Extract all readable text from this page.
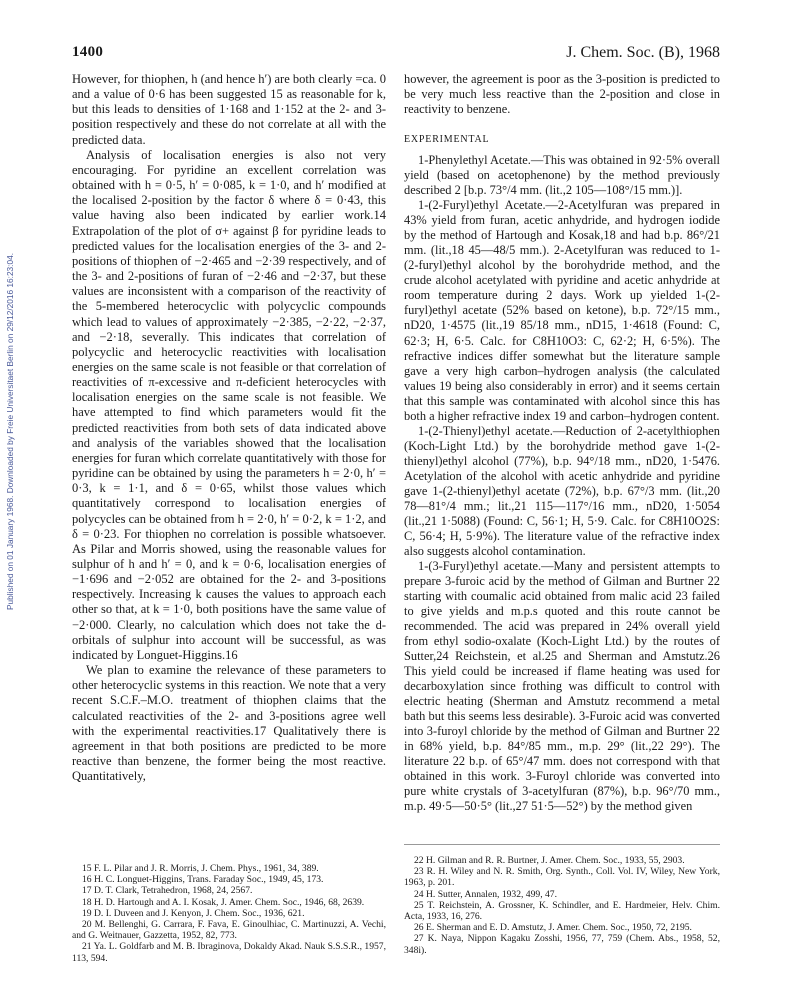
Published on 01 January 1968. Downloaded by Freie Universitaet Berlin on 29/12/2016 16:23:04.
1400	J. Chem. Soc. (B), 1968

However, for thiophen, h (and hence h′) are both clearly =ca. 0 and a value of 0·6 has been suggested 15 as reasonable for k, but this leads to densities of 1·168 and 1·152 at the 2- and 3-position respectively and these do not correlate at all with the predicted data.

Analysis of localisation energies is also not very encouraging. For pyridine an excellent correlation was obtained with h = 0·5, h′ = 0·085, k = 1·0, and h′ modified at the localised 2-position by the factor δ where δ = 0·43, this value having also been indicated by earlier work.14 Extrapolation of the plot of σ+ against β for pyridine leads to predicted values for the localisation energies of the 3- and 2-positions of thiophen of −2·465 and −2·39 respectively, and of the 3- and 2-positions of furan of −2·46 and −2·37, but these values are inconsistent with a comparison of the reactivity of the 5-membered heterocyclic with polycyclic compounds which lead to values of approximately −2·385, −2·22, −2·37, and −2·18, severally. This indicates that correlation of polycyclic and heterocyclic reactivities with localisation energies on the same scale is not feasible or that correlation of reactivities of π-excessive and π-deficient heterocycles with localisation energies on the same scale is not feasible. We have attempted to find which parameters would fit the predicted reactivities from both sets of data indicated above and analysis of the variables showed that the localisation energies for furan which correlate quantitatively with those for pyridine can be obtained by using the parameters h = 2·0, h′ = 0·3, k = 1·1, and δ = 0·65, whilst those values which quantitatively correspond to localisation energies of polycycles can be obtained from h = 2·0, h′ = 0·2, k = 1·2, and δ = 0·23. For thiophen no correlation is possible whatsoever. As Pilar and Morris showed, using the reasonable values for sulphur of h and h′ = 0, and k = 0·6, localisation energies of −1·696 and −2·052 are obtained for the 2- and 3-positions respectively. Increasing k causes the values to approach each other so that, at k = 1·0, both positions have the same value of −2·000. Clearly, no calculation which does not take the d-orbitals of sulphur into account will be successful, as was indicated by Longuet-Higgins.16

We plan to examine the relevance of these parameters to other heterocyclic systems in this reaction. We note that a very recent S.C.F.–M.O. treatment of thiophen claims that the calculated reactivities of the 2- and 3-positions agree well with the experimental reactivities.17 Qualitatively there is agreement in that both positions are predicted to be more reactive than benzene, the former being the most reactive. Quantitatively,

however, the agreement is poor as the 3-position is predicted to be very much less reactive than the 2-position and close in reactivity to benzene.

EXPERIMENTAL

1-Phenylethyl Acetate.—This was obtained in 92·5% overall yield (based on acetophenone) by the method previously described 2 [b.p. 73°/4 mm. (lit.,2 105—108°/15 mm.)].

1-(2-Furyl)ethyl Acetate.—2-Acetylfuran was prepared in 43% yield from furan, acetic anhydride, and hydrogen iodide by the method of Hartough and Kosak,18 and had b.p. 86°/21 mm. (lit.,18 45—48/5 mm.). 2-Acetylfuran was reduced to 1-(2-furyl)ethyl alcohol by the borohydride method, and the crude alcohol acetylated with pyridine and acetic anhydride at room temperature during 2 days. Work up yielded 1-(2-furyl)ethyl acetate (52% based on ketone), b.p. 72°/15 mm., nD20, 1·4575 (lit.,19 85/18 mm., nD15, 1·4618 (Found: C, 62·3; H, 6·5. Calc. for C8H10O3: C, 62·2; H, 6·5%). The refractive indices differ somewhat but the literature sample gave a very high carbon–hydrogen analysis (the calculated values 19 being also considerably in error) and it seems certain that this sample was contaminated with alcohol since this has both a higher refractive index 19 and carbon–hydrogen content.

1-(2-Thienyl)ethyl acetate.—Reduction of 2-acetylthiophen (Koch-Light Ltd.) by the borohydride method gave 1-(2-thienyl)ethyl alcohol (77%), b.p. 94°/18 mm., nD20, 1·5476. Acetylation of the alcohol with acetic anhydride and pyridine gave 1-(2-thienyl)ethyl acetate (72%), b.p. 67°/3 mm. (lit.,20 78—81°/4 mm.; lit.,21 115—117°/16 mm., nD20, 1·5054 (lit.,21 1·5088) (Found: C, 56·1; H, 5·9. Calc. for C8H10O2S: C, 56·4; H, 5·9%). The literature value of the refractive index also suggests alcohol contamination.

1-(3-Furyl)ethyl acetate.—Many and persistent attempts to prepare 3-furoic acid by the method of Gilman and Burtner 22 starting with coumalic acid obtained from malic acid 23 failed to give yields and m.p.s quoted and this route cannot be recommended. The acid was prepared in 24% overall yield from ethyl sodio-oxalate (Koch-Light Ltd.) by the routes of Sutter,24 Reichstein, et al.25 and Sherman and Amstutz.26 This yield could be increased if flame heating was used for decarboxylation since frothing was difficult to control with electric heating (Sherman and Amstutz recommend a metal bath but this seems less desirable). 3-Furoic acid was converted into 3-furoyl chloride by the method of Gilman and Burtner 22 in 68% yield, b.p. 84°/85 mm., m.p. 29° (lit.,22 29°). The literature 22 b.p. of 65°/47 mm. does not correspond with that obtained in this work. 3-Furoyl chloride was converted into pure white crystals of 3-acetylfuran (87%), b.p. 96°/70 mm., m.p. 49·5—50·5° (lit.,27 51·5—52°) by the method given

15 F. L. Pilar and J. R. Morris, J. Chem. Phys., 1961, 34, 389.
16 H. C. Longuet-Higgins, Trans. Faraday Soc., 1949, 45, 173.
17 D. T. Clark, Tetrahedron, 1968, 24, 2567.
18 H. D. Hartough and A. I. Kosak, J. Amer. Chem. Soc., 1946, 68, 2639.
19 D. I. Duveen and J. Kenyon, J. Chem. Soc., 1936, 621.
20 M. Bellenghi, G. Carrara, F. Fava, E. Ginoulhiac, C. Martinuzzi, A. Vechi, and G. Weitnauer, Gazzetta, 1952, 82, 773.
21 Ya. L. Goldfarb and M. B. Ibraginova, Dokaldy Akad. Nauk S.S.S.R., 1957, 113, 594.
22 H. Gilman and R. R. Burtner, J. Amer. Chem. Soc., 1933, 55, 2903.
23 R. H. Wiley and N. R. Smith, Org. Synth., Coll. Vol. IV, Wiley, New York, 1963, p. 201.
24 H. Sutter, Annalen, 1932, 499, 47.
25 T. Reichstein, A. Grossner, K. Schindler, and E. Hardmeier, Helv. Chim. Acta, 1933, 16, 276.
26 E. Sherman and E. D. Amstutz, J. Amer. Chem. Soc., 1950, 72, 2195.
27 K. Naya, Nippon Kagaku Zosshi, 1956, 77, 759 (Chem. Abs., 1958, 52, 348i).
